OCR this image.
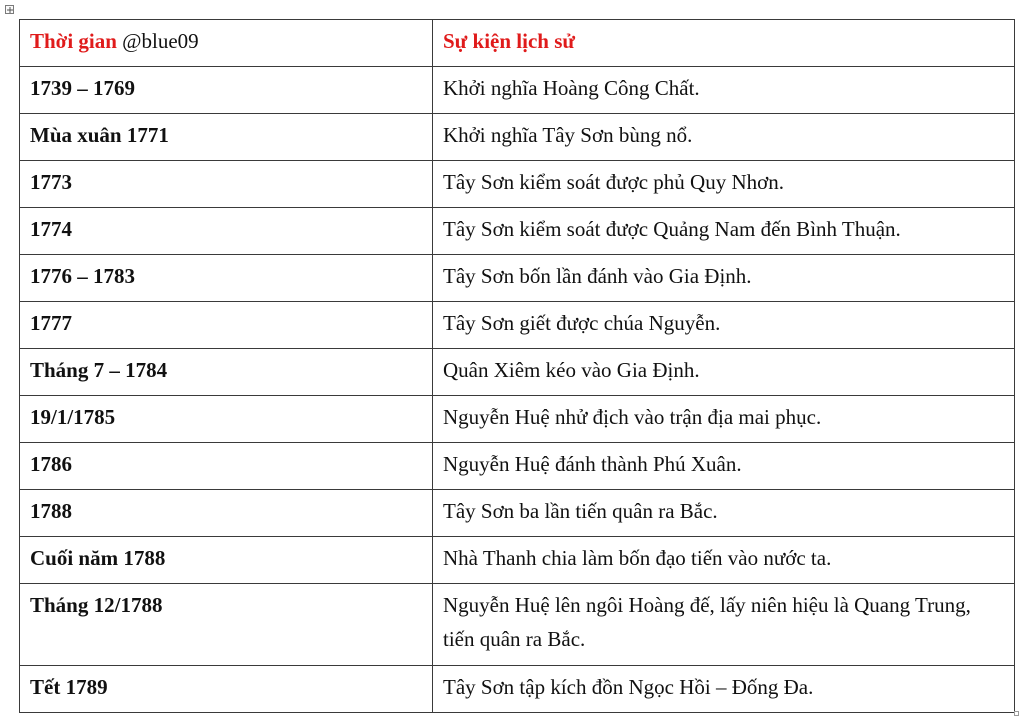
Thời gian @blue09	Sự kiện lịch sử
1739 – 1769	Khởi nghĩa Hoàng Công Chất.
Mùa xuân 1771	Khởi nghĩa Tây Sơn bùng nổ.
1773	Tây Sơn kiểm soát được phủ Quy Nhơn.
1774	Tây Sơn kiểm soát được Quảng Nam đến Bình Thuận.
1776 – 1783	Tây Sơn bốn lần đánh vào Gia Định.
1777	Tây Sơn giết được chúa Nguyễn.
Tháng 7 – 1784	Quân Xiêm kéo vào Gia Định.
19/1/1785	Nguyễn Huệ nhử địch vào trận địa mai phục.
1786	Nguyễn Huệ đánh thành Phú Xuân.
1788	Tây Sơn ba lần tiến quân ra Bắc.
Cuối năm 1788	Nhà Thanh chia làm bốn đạo tiến vào nước ta.
Tháng 12/1788	Nguyễn Huệ lên ngôi Hoàng đế, lấy niên hiệu là Quang Trung, tiến quân ra Bắc.
Tết 1789	Tây Sơn tập kích đồn Ngọc Hồi – Đống Đa.
